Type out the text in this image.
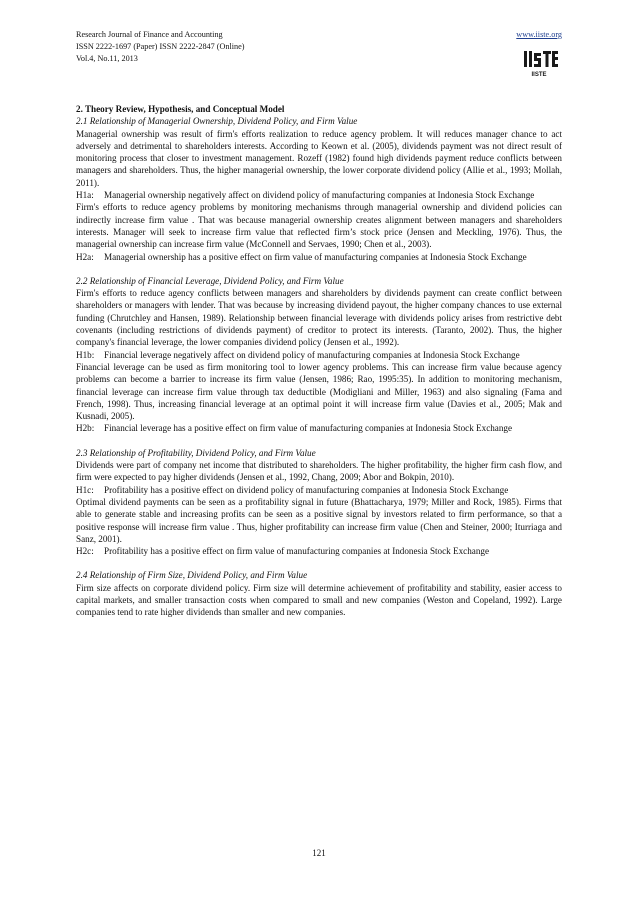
Research Journal of Finance and Accounting
ISSN 2222-1697 (Paper) ISSN 2222-2847 (Online)
Vol.4, No.11, 2013
www.iiste.org
IISTE

2. Theory Review, Hypothesis, and Conceptual Model

2.1 Relationship of Managerial Ownership, Dividend Policy, and Firm Value

Managerial ownership was result of firm's efforts realization to reduce agency problem. It will reduces manager chance to act adversely and detrimental to shareholders interests. According to Keown et al. (2005), dividends payment was not direct result of monitoring process that closer to investment management. Rozeff (1982) found high dividends payment reduce conflicts between managers and shareholders. Thus, the higher managerial ownership, the lower corporate dividend policy (Allie et al., 1993; Mollah, 2011).

H1a:	Managerial ownership negatively affect on dividend policy of manufacturing companies at Indonesia Stock Exchange

Firm's efforts to reduce agency problems by monitoring mechanisms through managerial ownership and dividend policies can indirectly increase firm value . That was because managerial ownership creates alignment between managers and shareholders interests. Manager will seek to increase firm value that reflected firm’s stock price (Jensen and Meckling, 1976). Thus, the managerial ownership can increase firm value (McConnell and Servaes, 1990; Chen et al., 2003).

H2a:	Managerial ownership has a positive effect on firm value of manufacturing companies at Indonesia Stock Exchange

2.2 Relationship of Financial Leverage, Dividend Policy, and Firm Value

Firm's efforts to reduce agency conflicts between managers and shareholders by dividends payment can create conflict between shareholders or managers with lender. That was because by increasing dividend payout, the higher company chances to use external funding (Chrutchley and Hansen, 1989). Relationship between financial leverage with dividends policy arises from restrictive debt covenants (including restrictions of dividends payment) of creditor to protect its interests. (Taranto, 2002). Thus, the higher company's financial leverage, the lower companies dividend policy (Jensen et al., 1992).

H1b:	Financial leverage negatively affect on dividend policy of manufacturing companies at Indonesia Stock Exchange

Financial leverage can be used as firm monitoring tool to lower agency problems. This can increase firm value because agency problems can become a barrier to increase its firm value (Jensen, 1986; Rao, 1995:35). In addition to monitoring mechanism, financial leverage can increase firm value through tax deductible (Modigliani and Miller, 1963) and also signaling (Fama and French, 1998). Thus, increasing financial leverage at an optimal point it will increase firm value (Davies et al., 2005; Mak and Kusnadi, 2005).

H2b:	Financial leverage has a positive effect on firm value of manufacturing companies at Indonesia Stock Exchange

2.3 Relationship of Profitability, Dividend Policy, and Firm Value

Dividends were part of company net income that distributed to shareholders. The higher profitability, the higher firm cash flow, and firm were expected to pay higher dividends (Jensen et al., 1992, Chang, 2009; Abor and Bokpin, 2010).

H1c:	Profitability has a positive effect on dividend policy of manufacturing companies at Indonesia Stock Exchange

Optimal dividend payments can be seen as a profitability signal in future (Bhattacharya, 1979; Miller and Rock, 1985). Firms that able to generate stable and increasing profits can be seen as a positive signal by investors related to firm performance, so that a positive response will increase firm value . Thus, higher profitability can increase firm value (Chen and Steiner, 2000; Iturriaga and Sanz, 2001).

H2c:	Profitability has a positive effect on firm value of manufacturing companies at Indonesia Stock Exchange

2.4 Relationship of Firm Size, Dividend Policy, and Firm Value

Firm size affects on corporate dividend policy. Firm size will determine achievement of profitability and stability, easier access to capital markets, and smaller transaction costs when compared to small and new companies (Weston and Copeland, 1992). Large companies tend to rate higher dividends than smaller and new companies.

121
